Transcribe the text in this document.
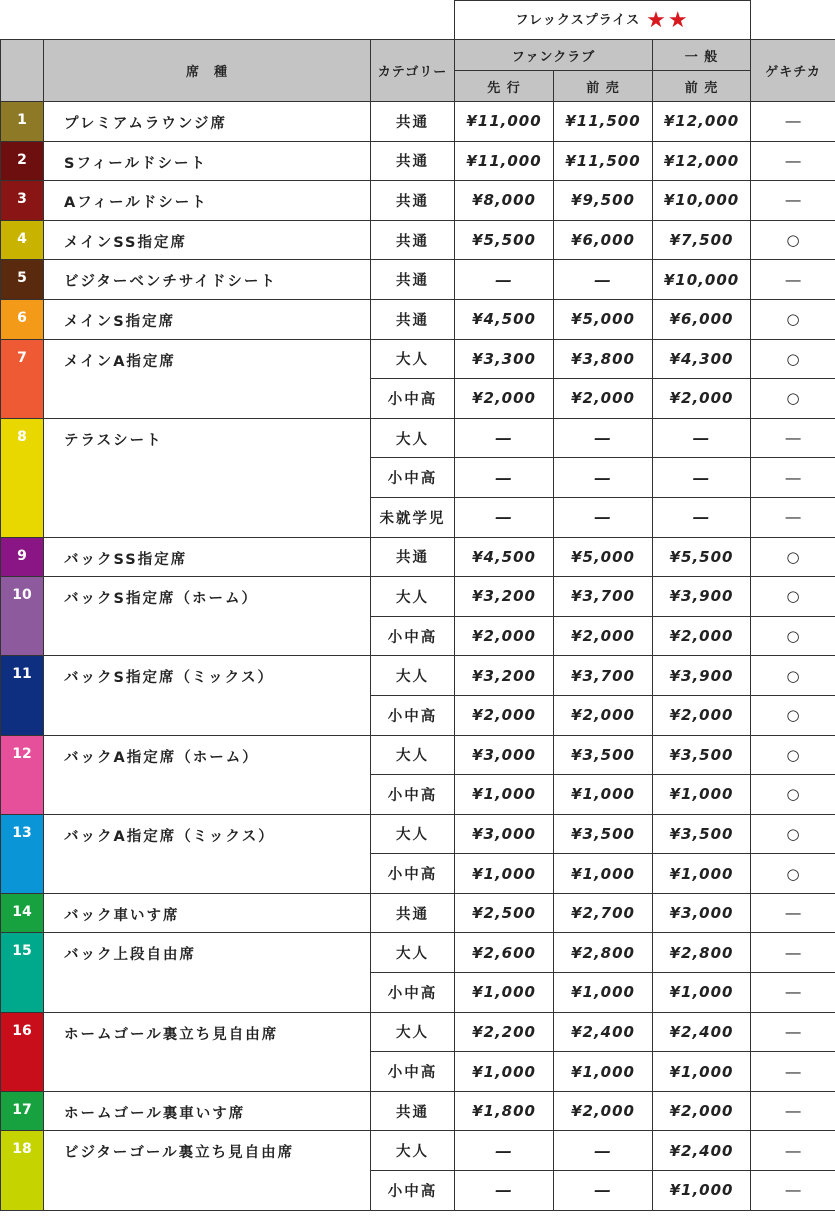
			フレックスプライス ★★			
	席　種	カテゴリー	ファンクラブ		一 般	ゲキチカ
			先 行	前 売	前 売	

1	プレミアムラウンジ席	共通	¥11,000	¥11,500	¥12,000	―

2	Sフィールドシート	共通	¥11,000	¥11,500	¥12,000	―

3	Aフィールドシート	共通	¥8,000	¥9,500	¥10,000	―

4	メインSS指定席	共通	¥5,500	¥6,000	¥7,500	○

5	ビジターベンチサイドシート	共通	―	―	¥10,000	―

6	メインS指定席	共通	¥4,500	¥5,000	¥6,000	○

7	メインA指定席	大人	¥3,300	¥3,800	¥4,300	○
		小中高	¥2,000	¥2,000	¥2,000	○

8	テラスシート	大人	―	―	―	―
		小中高	―	―	―	―
		未就学児	―	―	―	―

9	バックSS指定席	共通	¥4,500	¥5,000	¥5,500	○

10	バックS指定席（ホーム）	大人	¥3,200	¥3,700	¥3,900	○
		小中高	¥2,000	¥2,000	¥2,000	○

11	バックS指定席（ミックス）	大人	¥3,200	¥3,700	¥3,900	○
		小中高	¥2,000	¥2,000	¥2,000	○

12	バックA指定席（ホーム）	大人	¥3,000	¥3,500	¥3,500	○
		小中高	¥1,000	¥1,000	¥1,000	○

13	バックA指定席（ミックス）	大人	¥3,000	¥3,500	¥3,500	○
		小中高	¥1,000	¥1,000	¥1,000	○

14	バック車いす席	共通	¥2,500	¥2,700	¥3,000	―

15	バック上段自由席	大人	¥2,600	¥2,800	¥2,800	―
		小中高	¥1,000	¥1,000	¥1,000	―

16	ホームゴール裏立ち見自由席	大人	¥2,200	¥2,400	¥2,400	―
		小中高	¥1,000	¥1,000	¥1,000	―

17	ホームゴール裏車いす席	共通	¥1,800	¥2,000	¥2,000	―

18	ビジターゴール裏立ち見自由席	大人	―	―	¥2,400	―
		小中高	―	―	¥1,000	―
